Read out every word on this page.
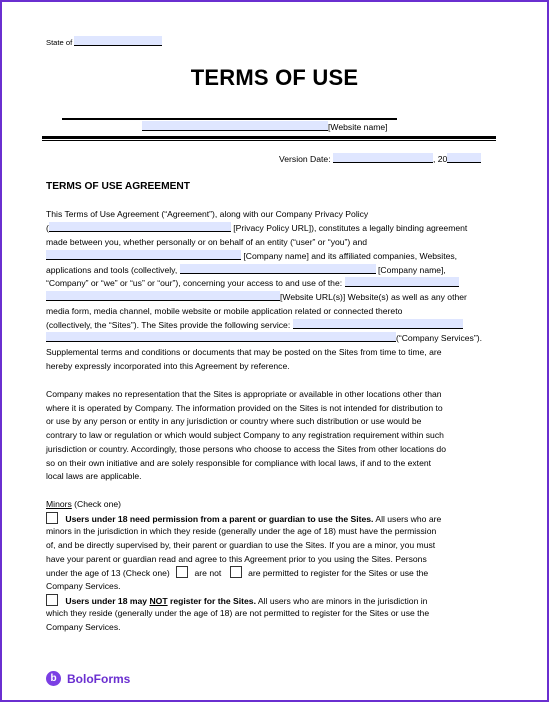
State of
TERMS OF USE
[Website name]
Version Date:	, 20
TERMS OF USE AGREEMENT
This Terms of Use Agreement (“Agreement”), along with our Company Privacy Policy
(	[Privacy Policy URL]), constitutes a legally binding agreement
made between you, whether personally or on behalf of an entity (“user” or “you”) and
[Company name] and its affiliated companies, Websites,
applications and tools (collectively,	[Company name],
“Company” or “we” or “us” or “our”), concerning your access to and use of the:
[Website URL(s)] Website(s) as well as any other
media form, media channel, mobile website or mobile application related or connected thereto
(collectively, the “Sites”). The Sites provide the following service:
(“Company Services”).
Supplemental terms and conditions or documents that may be posted on the Sites from time to time, are
hereby expressly incorporated into this Agreement by reference.
Company makes no representation that the Sites is appropriate or available in other locations other than
where it is operated by Company. The information provided on the Sites is not intended for distribution to
or use by any person or entity in any jurisdiction or country where such distribution or use would be
contrary to law or regulation or which would subject Company to any registration requirement within such
jurisdiction or country. Accordingly, those persons who choose to access the Sites from other locations do
so on their own initiative and are solely responsible for compliance with local laws, if and to the extent
local laws are applicable.
Minors (Check one)
Users under 18 need permission from a parent or guardian to use the Sites. All users who are
minors in the jurisdiction in which they reside (generally under the age of 18) must have the permission
of, and be directly supervised by, their parent or guardian to use the Sites. If you are a minor, you must
have your parent or guardian read and agree to this Agreement prior to you using the Sites. Persons
under the age of 13 (Check one)	are not	are permitted to register for the Sites or use the
Company Services.
Users under 18 may NOT register for the Sites. All users who are minors in the jurisdiction in
which they reside (generally under the age of 18) are not permitted to register for the Sites or use the
Company Services.
b BoloForms
